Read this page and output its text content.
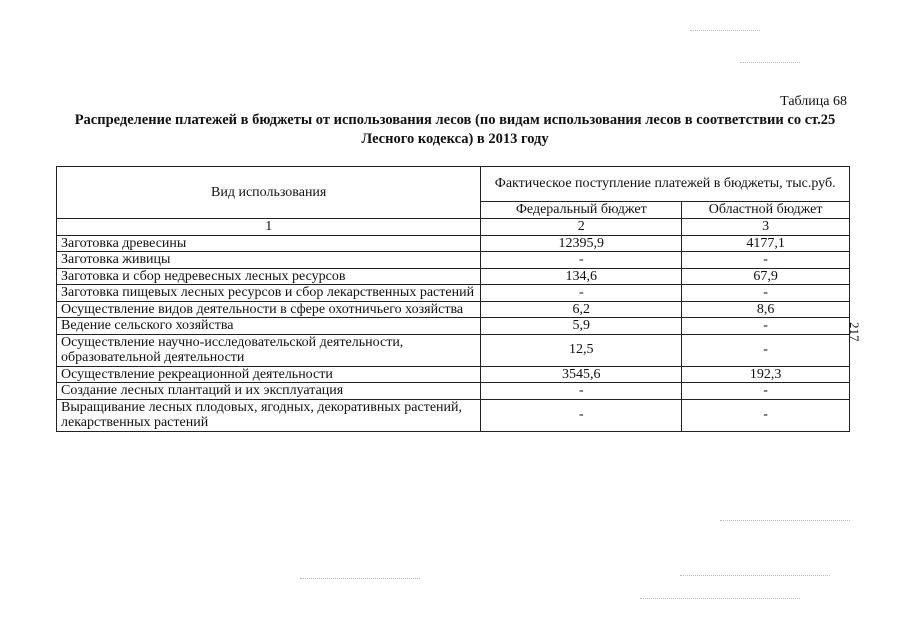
Таблица 68
Распределение платежей в бюджеты от использования лесов (по видам использования лесов в соответствии со ст.25 Лесного кодекса) в 2013 году
217
Вид использования	Фактическое поступление платежей в бюджеты, тыс.руб.	
	Федеральный бюджет	Областной бюджет
1	2	3
Заготовка древесины	12395,9	4177,1
Заготовка живицы	-	-
Заготовка и сбор недревесных лесных ресурсов	134,6	67,9
Заготовка пищевых лесных ресурсов и сбор лекарственных растений	-	-
Осуществление видов деятельности в сфере охотничьего хозяйства	6,2	8,6
Ведение сельского хозяйства	5,9	-
Осуществление научно-исследовательской деятельности, образовательной деятельности	12,5	-
Осуществление рекреационной деятельности	3545,6	192,3
Создание лесных плантаций и их эксплуатация	-	-
Выращивание лесных плодовых, ягодных, декоративных растений, лекарственных растений	-	-
